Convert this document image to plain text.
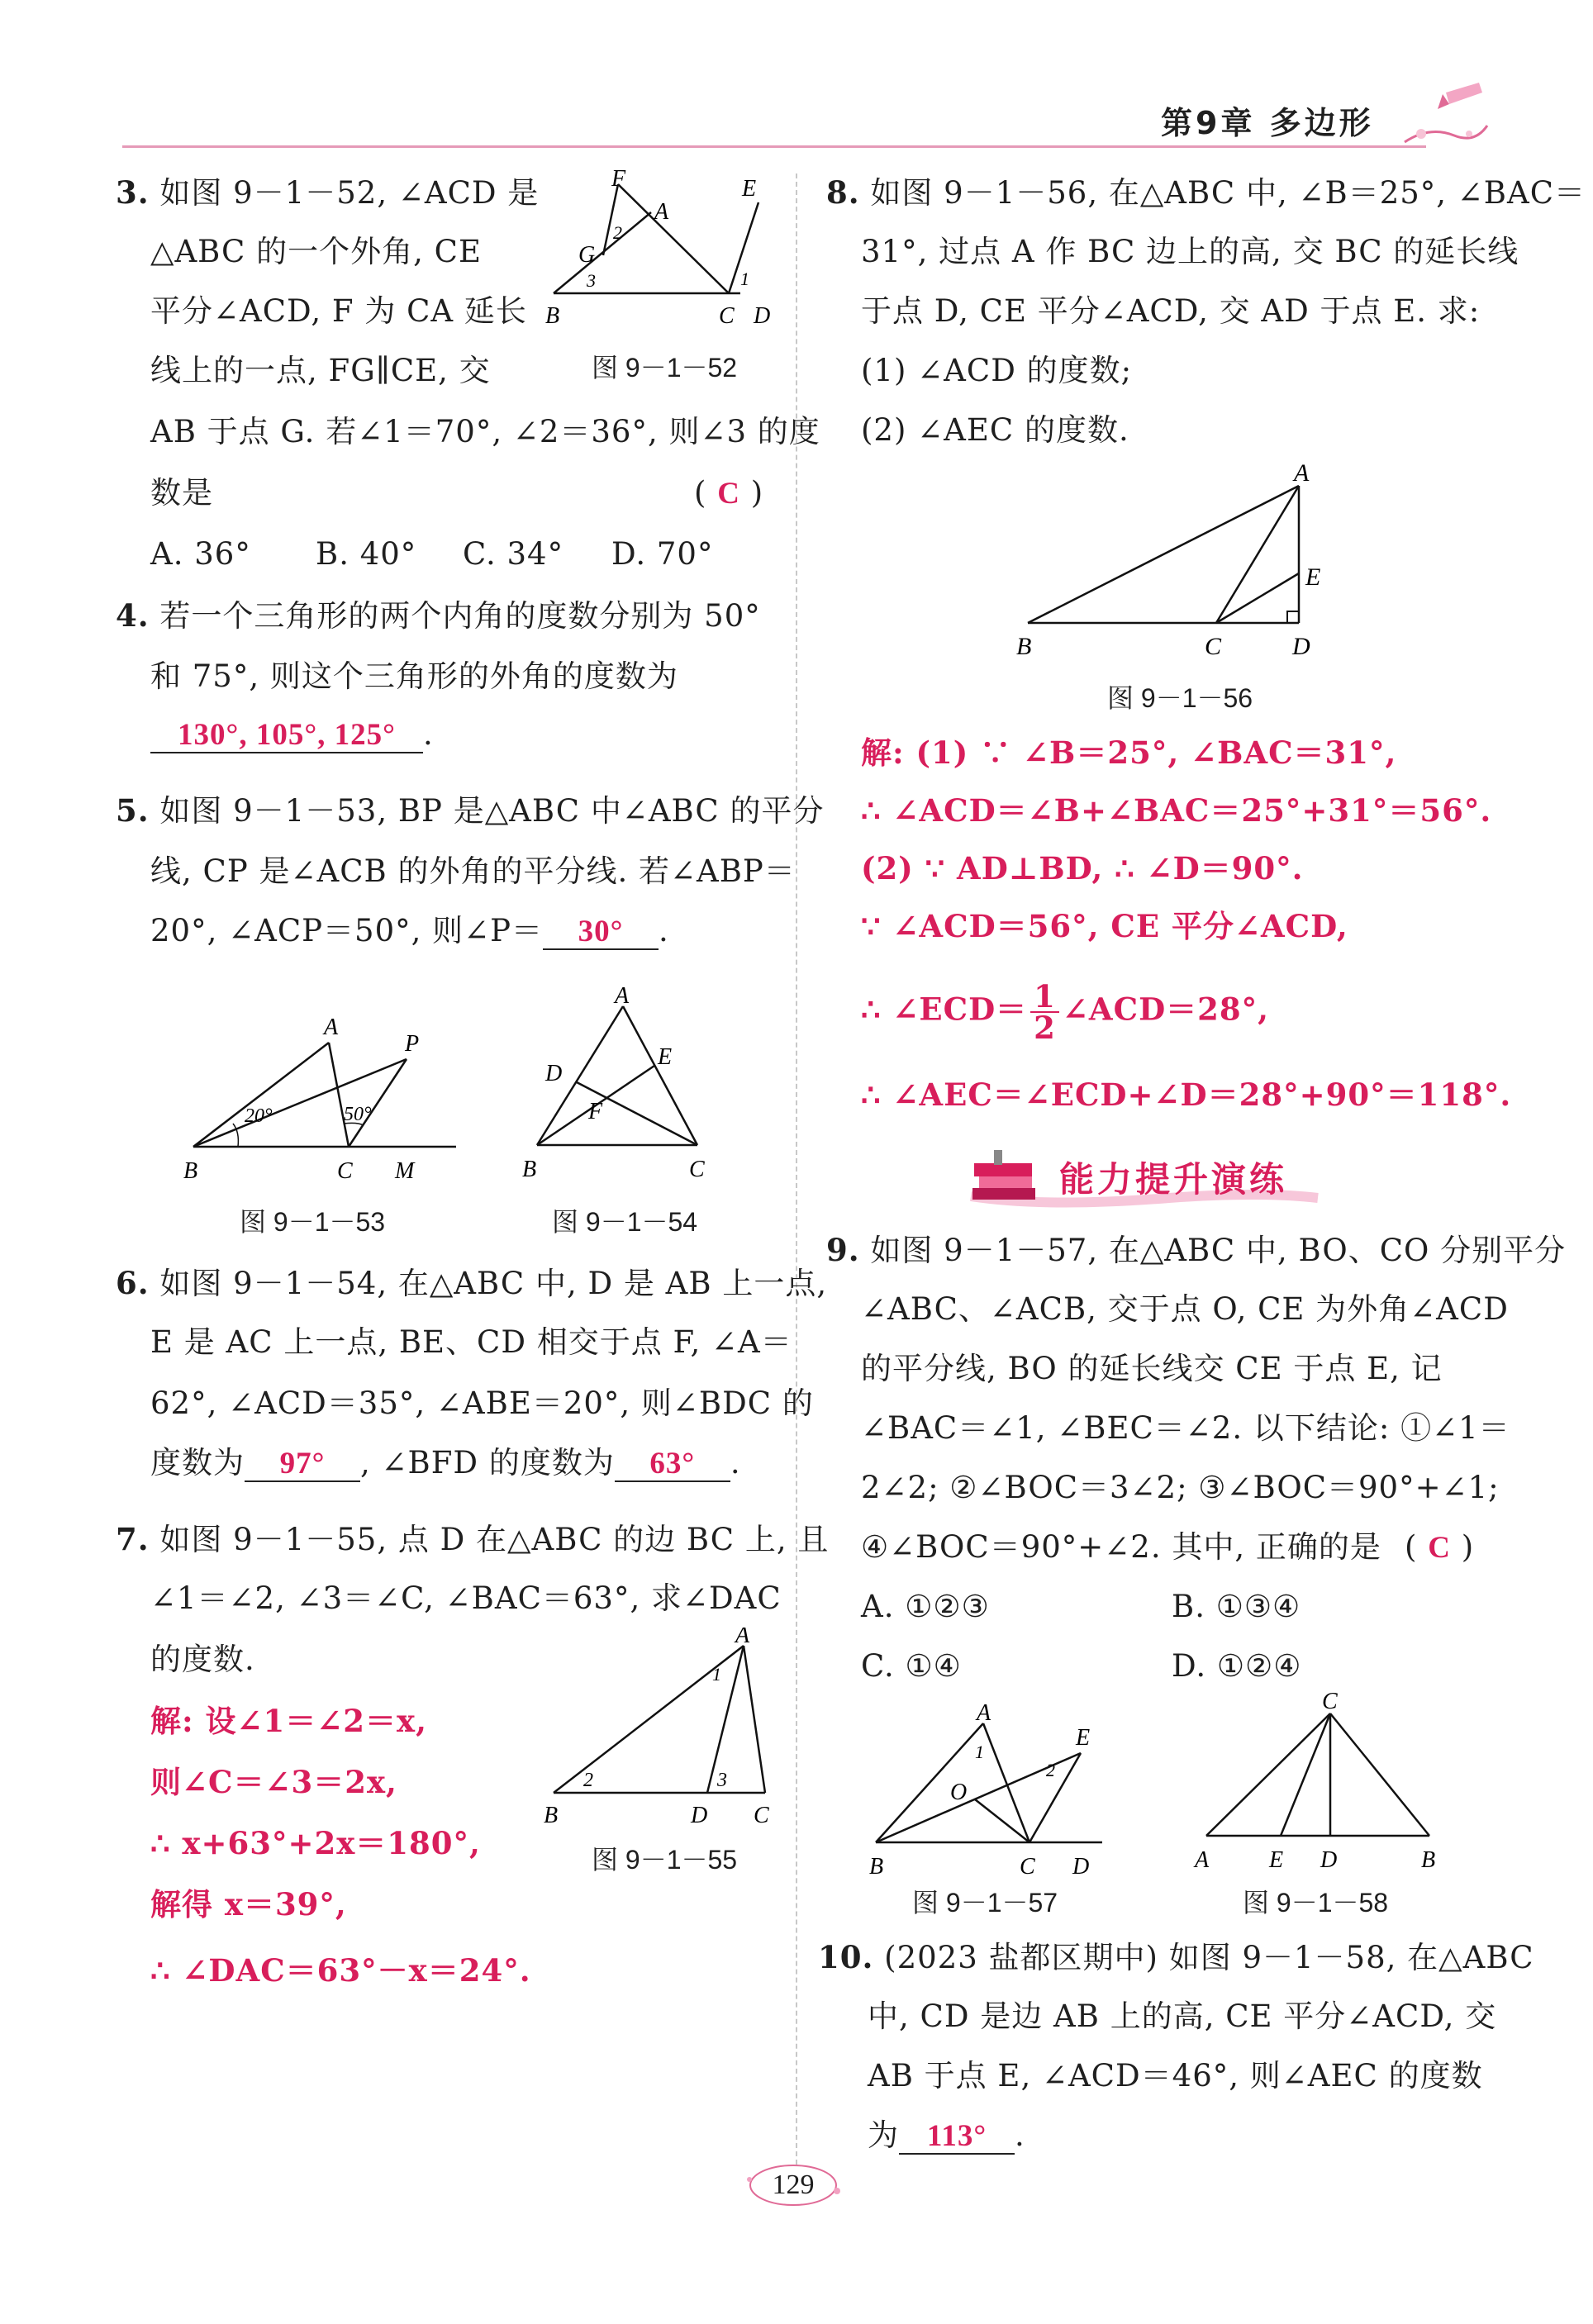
第9章 多边形
3. 如图 9－1－52, ∠ACD 是
△ABC 的一个外角, CE
平分∠ACD, F 为 CA 延长
线上的一点, FG∥CE, 交
AB 于点 G. 若∠1＝70°, ∠2＝36°, 则∠3 的度
数是	( C )
A. 36° B. 40° C. 34° D. 70°
F
A
E
G
2
3	1
B	C D
图 9－1－52
4. 若一个三角形的两个内角的度数分别为 50°
和 75°, 则这个三角形的外角的度数为
130°, 105°, 125° .
5. 如图 9－1－53, BP 是△ABC 中∠ABC 的平分
线, CP 是∠ACB 的外角的平分线. 若∠ABP＝
20°, ∠ACP＝50°, 则∠P＝ 30° .
A
P
20°	50°
B	C M
图 9－1－53
A
D
E
F
B	C
图 9－1－54
6. 如图 9－1－54, 在△ABC 中, D 是 AB 上一点,
E 是 AC 上一点, BE、CD 相交于点 F, ∠A＝
62°, ∠ACD＝35°, ∠ABE＝20°, 则∠BDC 的
度数为 97° , ∠BFD 的度数为 63° .
7. 如图 9－1－55, 点 D 在△ABC 的边 BC 上, 且
∠1＝∠2, ∠3＝∠C, ∠BAC＝63°, 求∠DAC
的度数.
解: 设∠1＝∠2＝x,
则∠C＝∠3＝2x,
∴ x+63°+2x＝180°,
解得 x＝39°,
∴ ∠DAC＝63°－x＝24°.
A
1
2	3
B	D C
图 9－1－55
8. 如图 9－1－56, 在△ABC 中, ∠B＝25°, ∠BAC＝
31°, 过点 A 作 BC 边上的高, 交 BC 的延长线
于点 D, CE 平分∠ACD, 交 AD 于点 E. 求:
(1) ∠ACD 的度数;
(2) ∠AEC 的度数.
A
E
B	C	D
图 9－1－56
解: (1) ∵ ∠B＝25°, ∠BAC＝31°,
∴ ∠ACD＝∠B+∠BAC＝25°+31°＝56°.
(2) ∵ AD⊥BD, ∴ ∠D＝90°.
∵ ∠ACD＝56°, CE 平分∠ACD,
∴ ∠ECD＝ $\frac{1}{2}$ ∠ACD＝28°,
∴ ∠AEC＝∠ECD+∠D＝28°+90°＝118°.
能力提升演练
9. 如图 9－1－57, 在△ABC 中, BO、CO 分别平分
∠ABC、∠ACB, 交于点 O, CE 为外角∠ACD
的平分线, BO 的延长线交 CE 于点 E, 记
∠BAC＝∠1, ∠BEC＝∠2. 以下结论: ①∠1＝
2∠2; ②∠BOC＝3∠2; ③∠BOC＝90°+∠1;
④∠BOC＝90°+∠2. 其中, 正确的是 ( C )
A. ①②③	B. ①③④
C. ①④	D. ①②④
A
E
1
O
2
B	C D
图 9－1－57
C
A	E D	B
图 9－1－58
10. (2023 盐都区期中) 如图 9－1－58, 在△ABC
中, CD 是边 AB 上的高, CE 平分∠ACD, 交
AB 于点 E, ∠ACD＝46°, 则∠AEC 的度数
为 113° .
129
